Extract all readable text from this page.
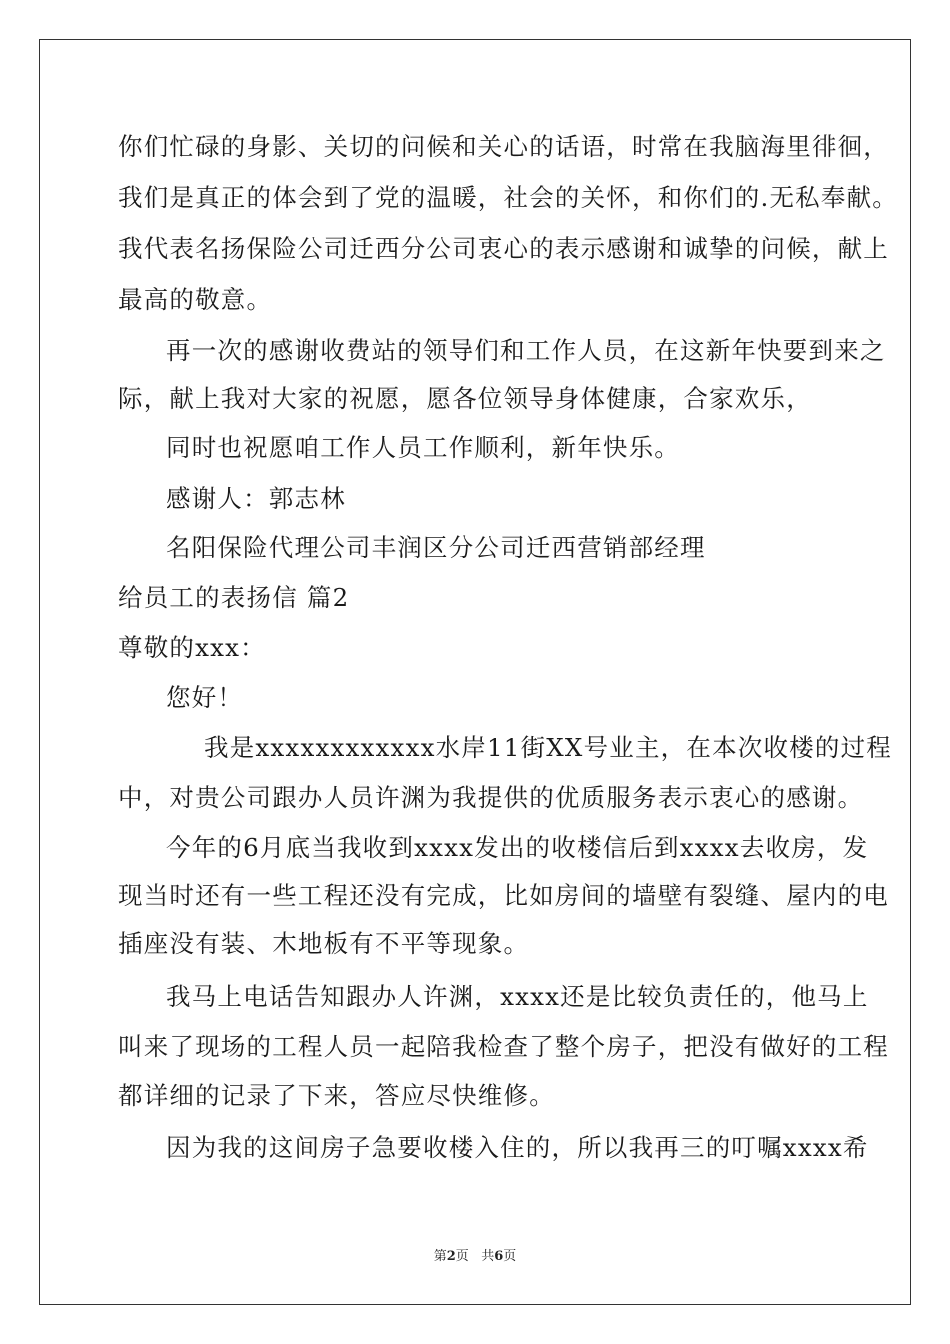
你们忙碌的身影、关切的问候和关心的话语，时常在我脑海里徘徊，
我们是真正的体会到了党的温暖，社会的关怀，和你们的.无私奉献。
我代表名扬保险公司迁西分公司衷心的表示感谢和诚挚的问候，献上
最高的敬意。
再一次的感谢收费站的领导们和工作人员，在这新年快要到来之
际，献上我对大家的祝愿，愿各位领导身体健康，合家欢乐，
同时也祝愿咱工作人员工作顺利，新年快乐。
感谢人：郭志林
名阳保险代理公司丰润区分公司迁西营销部经理
给员工的表扬信 篇2
尊敬的xxx：
您好！
我是xxxxxxxxxxxx水岸11街XX号业主，在本次收楼的过程
中，对贵公司跟办人员许渊为我提供的优质服务表示衷心的感谢。
今年的6月底当我收到xxxx发出的收楼信后到xxxx去收房，发
现当时还有一些工程还没有完成，比如房间的墙壁有裂缝、屋内的电
插座没有装、木地板有不平等现象。
我马上电话告知跟办人许渊，xxxx还是比较负责任的，他马上
叫来了现场的工程人员一起陪我检查了整个房子，把没有做好的工程
都详细的记录了下来，答应尽快维修。
因为我的这间房子急要收楼入住的，所以我再三的叮嘱xxxx希
第2页 共6页
